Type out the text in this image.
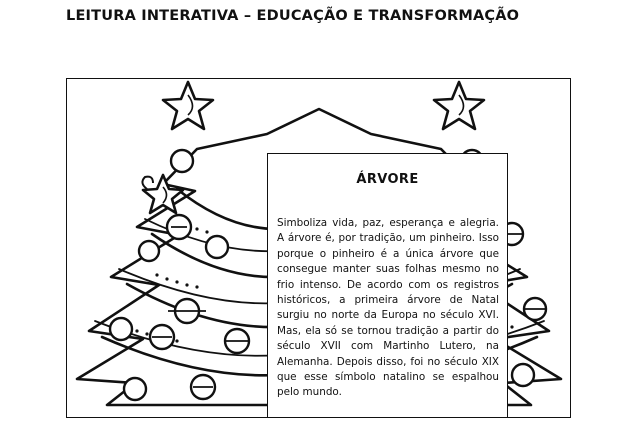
LEITURA INTERATIVA – EDUCAÇÃO E TRANSFORMAÇÃO
ÁRVORE

Simboliza vida, paz, esperança e alegria. A árvore é, por tradição, um pinheiro. Isso porque o pinheiro é a única árvore que consegue manter suas folhas mesmo no frio intenso. De acordo com os registros históricos, a primeira árvore de Natal surgiu no norte da Europa no século XVI. Mas, ela só se tornou tradição a partir do século XVII com Martinho Lutero, na Alemanha. Depois disso, foi no século XIX que esse símbolo natalino se espalhou pelo mundo.
